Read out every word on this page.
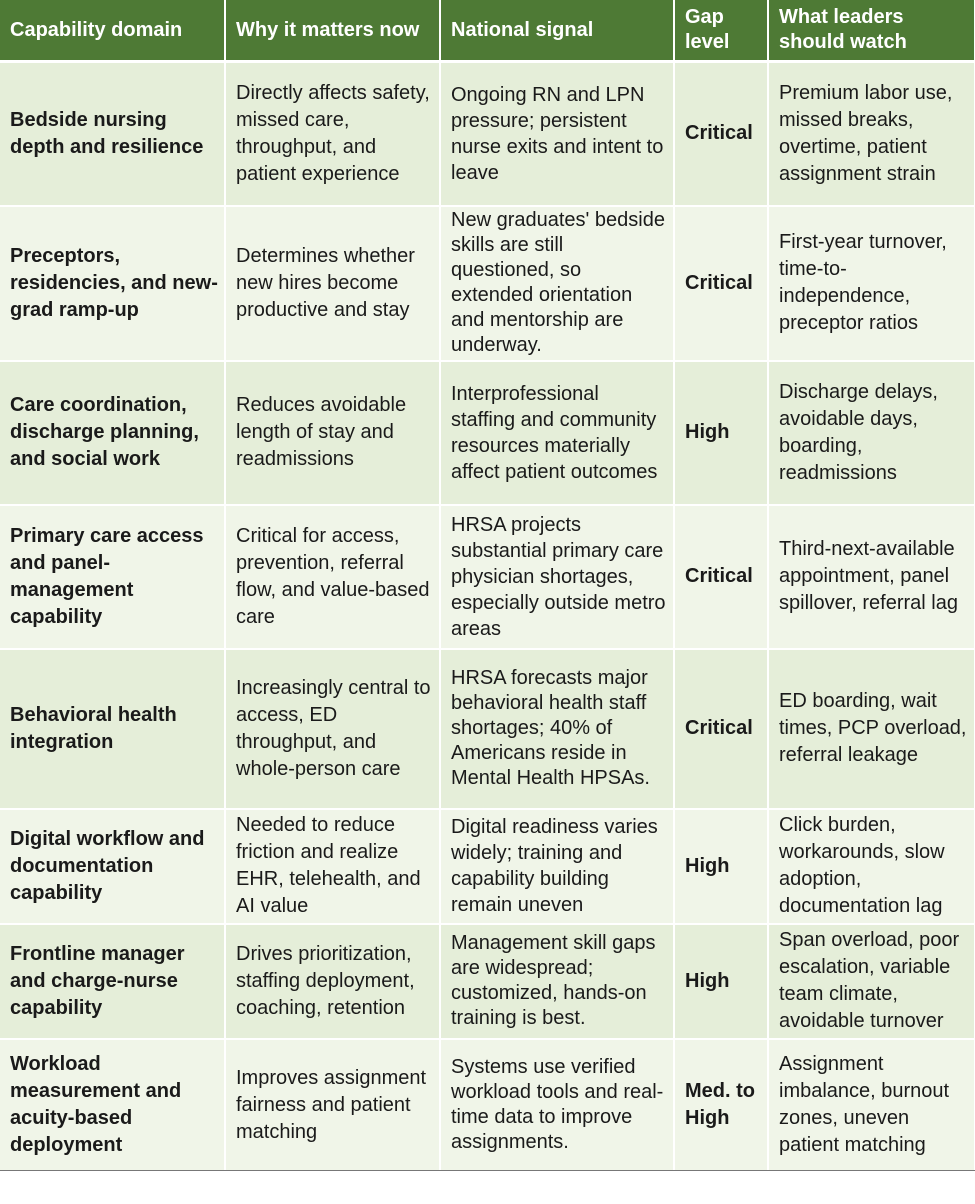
Capability domain	Why it matters now	National signal	Gap level	What leaders should watch
Bedside nursing depth and resilience	Directly affects safety, missed care, throughput, and patient experience	Ongoing RN and LPN pressure; persistent nurse exits and intent to leave	Critical	Premium labor use, missed breaks, overtime, patient assignment strain
Preceptors, residencies, and new-grad ramp-up	Determines whether new hires become productive and stay	New graduates' bedside skills are still questioned, so extended orientation and mentorship are underway.	Critical	First-year turnover, time-to-independence, preceptor ratios
Care coordination, discharge planning, and social work	Reduces avoidable length of stay and readmissions	Interprofessional staffing and community resources materially affect patient outcomes	High	Discharge delays, avoidable days, boarding, readmissions
Primary care access and panel-management capability	Critical for access, prevention, referral flow, and value-based care	HRSA projects substantial primary care physician shortages, especially outside metro areas	Critical	Third-next-available appointment, panel spillover, referral lag
Behavioral health integration	Increasingly central to access, ED throughput, and whole-person care	HRSA forecasts major behavioral health staff shortages; 40% of Americans reside in Mental Health HPSAs.	Critical	ED boarding, wait times, PCP overload, referral leakage
Digital workflow and documentation capability	Needed to reduce friction and realize EHR, telehealth, and AI value	Digital readiness varies widely; training and capability building remain uneven	High	Click burden, workarounds, slow adoption, documentation lag
Frontline manager and charge-nurse capability	Drives prioritization, staffing deployment, coaching, retention	Management skill gaps are widespread; customized, hands-on training is best.	High	Span overload, poor escalation, variable team climate, avoidable turnover
Workload measurement and acuity-based deployment	Improves assignment fairness and patient matching	Systems use verified workload tools and real-time data to improve assignments.	Med. to High	Assignment imbalance, burnout zones, uneven patient matching
